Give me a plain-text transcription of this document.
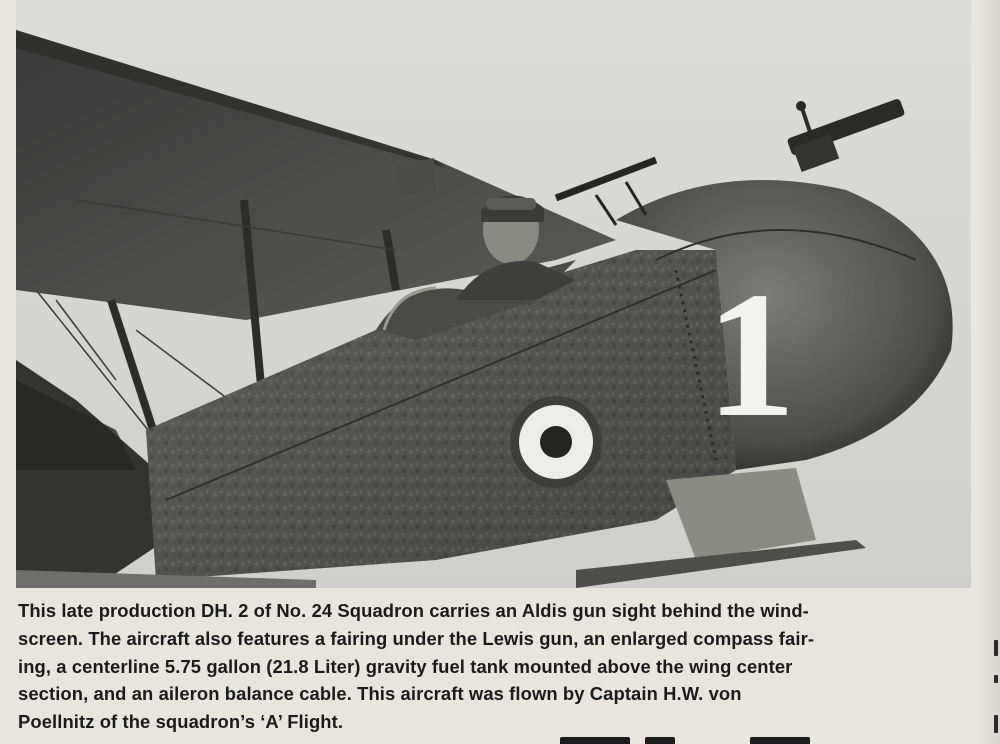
1
This late production DH. 2 of No. 24 Squadron carries an Aldis gun sight behind the wind-
screen. The aircraft also features a fairing under the Lewis gun, an enlarged compass fair-
ing, a centerline 5.75 gallon (21.8 Liter) gravity fuel tank mounted above the wing center
section, and an aileron balance cable. This aircraft was flown by Captain H.W. von
Poellnitz of the squadron’s ‘A’ Flight.
